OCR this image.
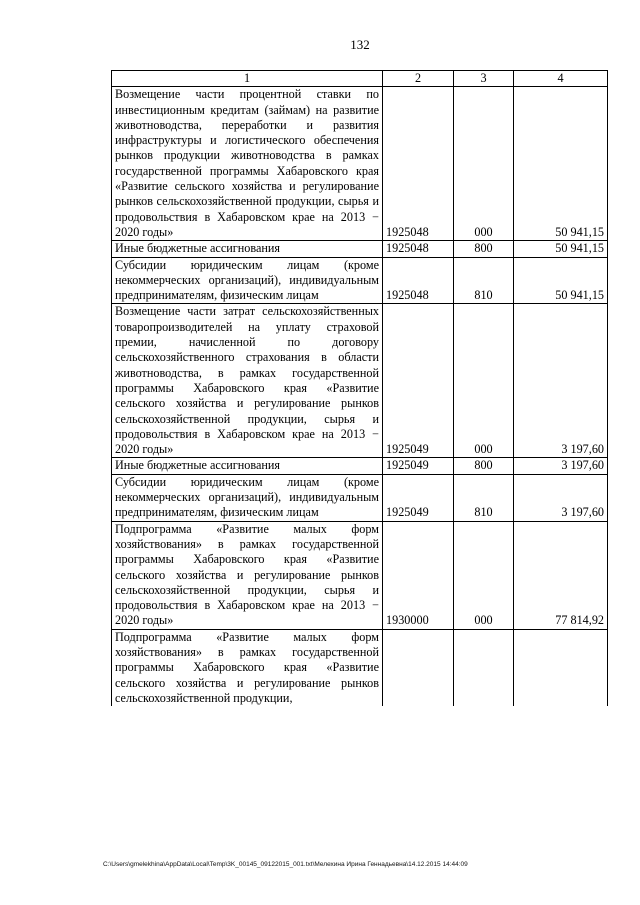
132
1	2	3	4
Возмещение части процентной ставки по инвестиционным кредитам (займам) на развитие животноводства, переработки и развития инфраструктуры и логистического обеспечения рынков продукции животноводства в рамках государственной программы Хабаровского края «Развитие сельского хозяйства и регулирование рынков сельскохозяйственной продукции, сырья и продовольствия в Хабаровском крае на 2013 − 2020 годы»	1925048	000	50 941,15
Иные бюджетные ассигнования	1925048	800	50 941,15
Субсидии юридическим лицам (кроме некоммерческих организаций), индивидуальным предпринимателям, физическим лицам	1925048	810	50 941,15
Возмещение части затрат сельскохозяйственных товаропроизводителей на уплату страховой премии, начисленной по договору сельскохозяйственного страхования в области животноводства, в рамках государственной программы Хабаровского края «Развитие сельского хозяйства и регулирование рынков сельскохозяйственной продукции, сырья и продовольствия в Хабаровском крае на 2013 − 2020 годы»	1925049	000	3 197,60
Иные бюджетные ассигнования	1925049	800	3 197,60
Субсидии юридическим лицам (кроме некоммерческих организаций), индивидуальным предпринимателям, физическим лицам	1925049	810	3 197,60
Подпрограмма «Развитие малых форм хозяйствования» в рамках государственной программы Хабаровского края «Развитие сельского хозяйства и регулирование рынков сельскохозяйственной продукции, сырья и продовольствия в Хабаровском крае на 2013 − 2020 годы»	1930000	000	77 814,92
Подпрограмма «Развитие малых форм хозяйствования» в рамках государственной программы Хабаровского края «Развитие сельского хозяйства и регулирование рынков сельскохозяйственной продукции,			
C:\Users\gmelekhina\AppData\Local\Temp\3K_00145_09122015_001.txt\Мелехина Ирина Геннадьевна\14.12.2015 14:44:09
